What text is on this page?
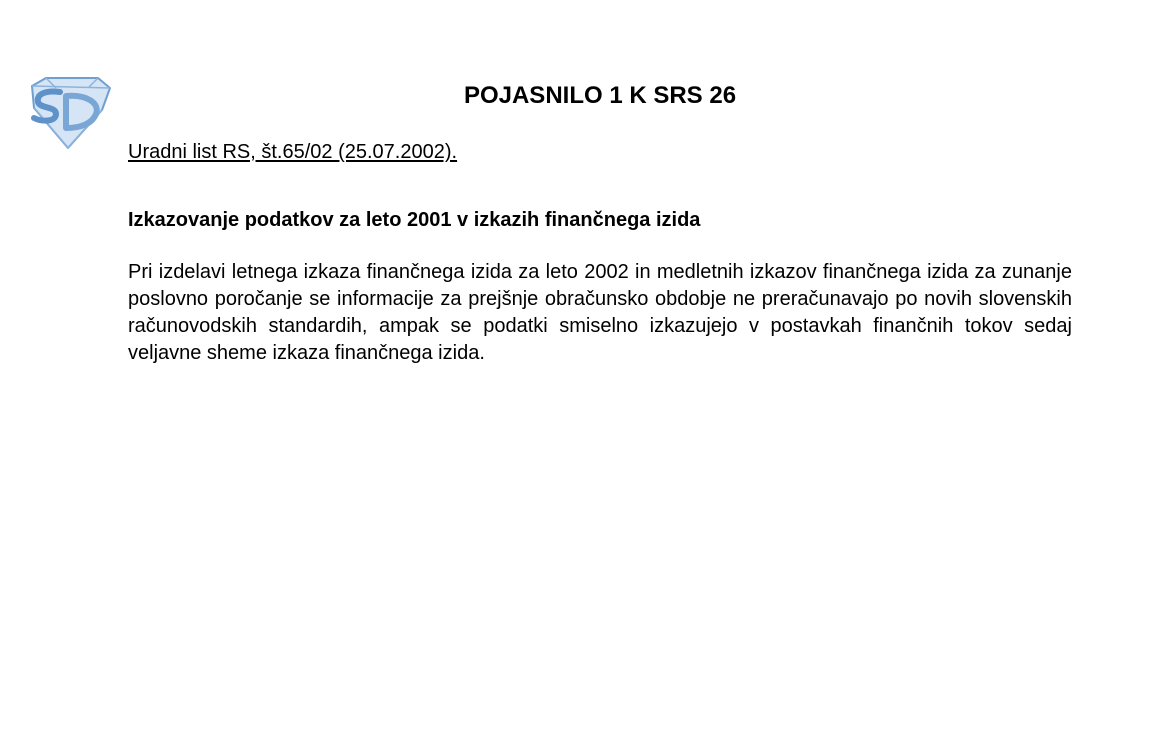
POJASNILO 1 K SRS 26

Uradni list RS, št.65/02 (25.07.2002).

Izkazovanje podatkov za leto 2001 v izkazih finančnega izida

Pri izdelavi letnega izkaza finančnega izida za leto 2002 in medletnih izkazov finančnega izida za zunanje poslovno poročanje se informacije za prejšnje obračunsko obdobje ne preračunavajo po novih slovenskih računovodskih standardih, ampak se podatki smiselno izkazujejo v postavkah finančnih tokov sedaj veljavne sheme izkaza finančnega izida.
